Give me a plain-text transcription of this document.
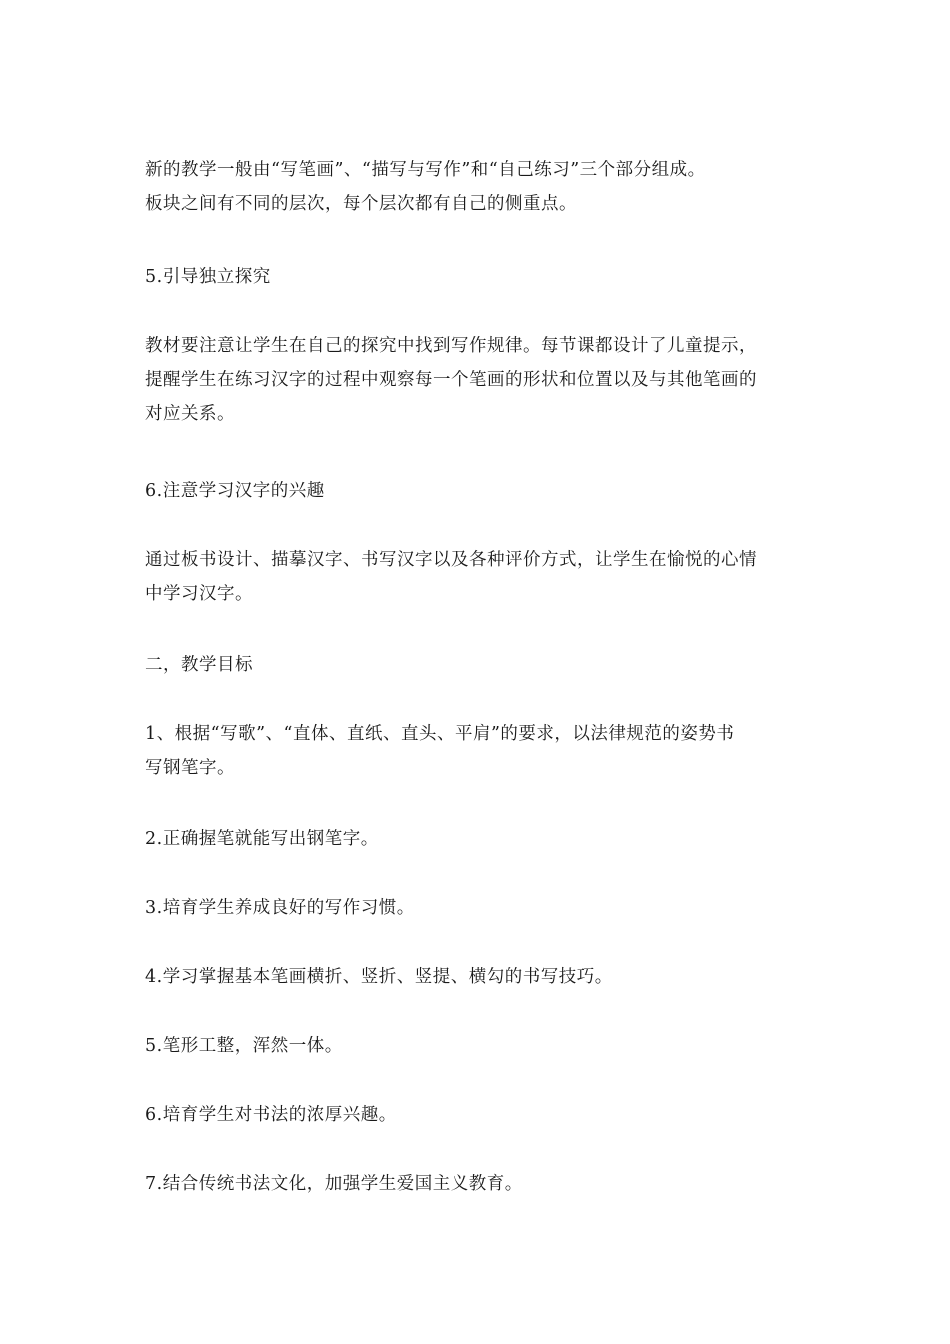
新的教学一般由“写笔画”、“描写与写作”和“自己练习”三个部分组成。
板块之间有不同的层次，每个层次都有自己的侧重点。

5.引导独立探究

教材要注意让学生在自己的探究中找到写作规律。每节课都设计了儿童提示，
提醒学生在练习汉字的过程中观察每一个笔画的形状和位置以及与其他笔画的
对应关系。

6.注意学习汉字的兴趣

通过板书设计、描摹汉字、书写汉字以及各种评价方式，让学生在愉悦的心情
中学习汉字。

二，教学目标

1、根据“写歌”、“直体、直纸、直头、平肩”的要求，以法律规范的姿势书
写钢笔字。

2.正确握笔就能写出钢笔字。

3.培育学生养成良好的写作习惯。

4.学习掌握基本笔画横折、竖折、竖提、横勾的书写技巧。

5.笔形工整，浑然一体。

6.培育学生对书法的浓厚兴趣。

7.结合传统书法文化，加强学生爱国主义教育。
